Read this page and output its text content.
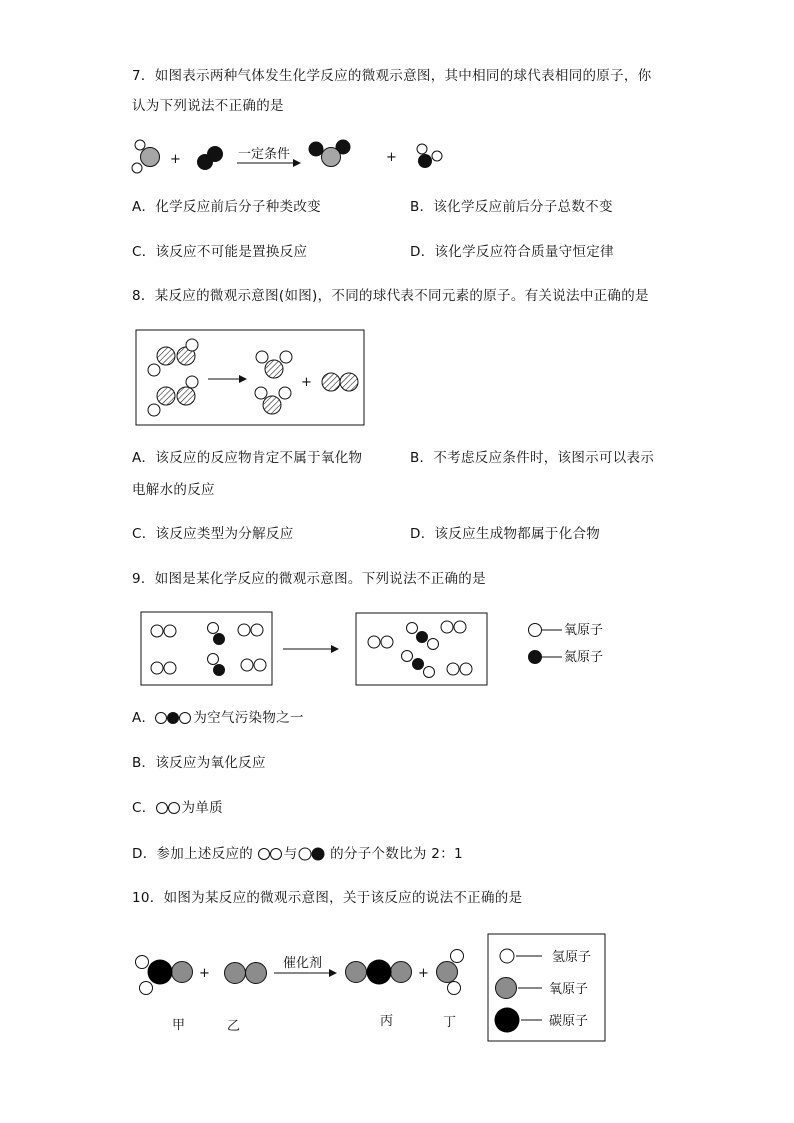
7．如图表示两种气体发生化学反应的微观示意图，其中相同的球代表相同的原子，你
认为下列说法不正确的是
+	一定条件	+
A．化学反应前后分子种类改变	B．该化学反应前后分子总数不变
C．该反应不可能是置换反应	D．该化学反应符合质量守恒定律
8．某反应的微观示意图(如图)，不同的球代表不同元素的原子。有关说法中正确的是
+
A．该反应的反应物肯定不属于氧化物	B．不考虑反应条件时，该图示可以表示
电解水的反应
C．该反应类型为分解反应	D．该反应生成物都属于化合物
9．如图是某化学反应的微观示意图。下列说法不正确的是
氧原子
氮原子
A．	为空气污染物之一
B．该反应为氧化反应
C． 为单质
D．参加上述反应的 与 的分子个数比为 2：1
10．如图为某反应的微观示意图，关于该反应的说法不正确的是
+
催化剂
+
甲	乙	丙	丁
氢原子
氧原子
碳原子
